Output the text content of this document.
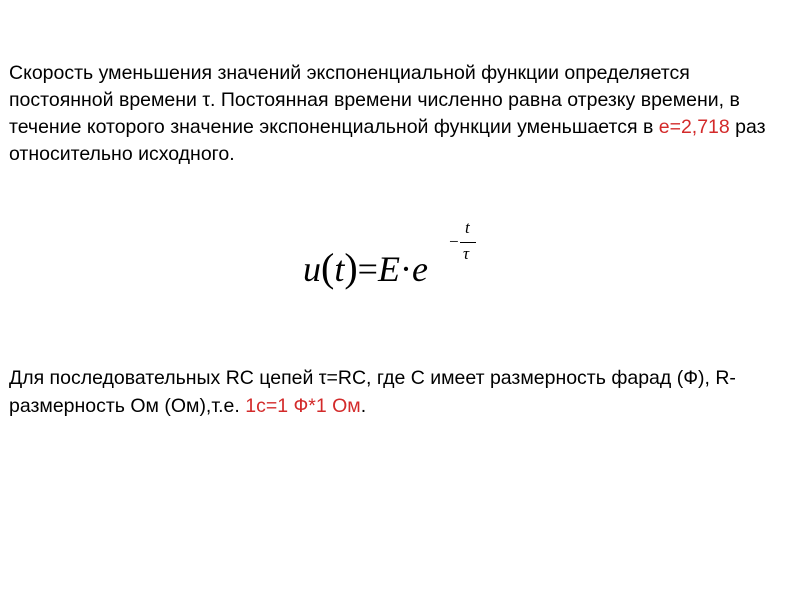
Скорость уменьшения значений экспоненциальной функции определяется постоянной времени τ. Постоянная времени численно равна отрезку времени, в течение которого значение экспоненциальной функции уменьшается в e=2,718 раз относительно исходного.

u(t)=E·e
−
t
τ

Для последовательных RC цепей τ=RC, где С имеет размерность фарад (Ф), R- размерность Ом (Ом),т.е. 1с=1 Ф*1 Ом.
